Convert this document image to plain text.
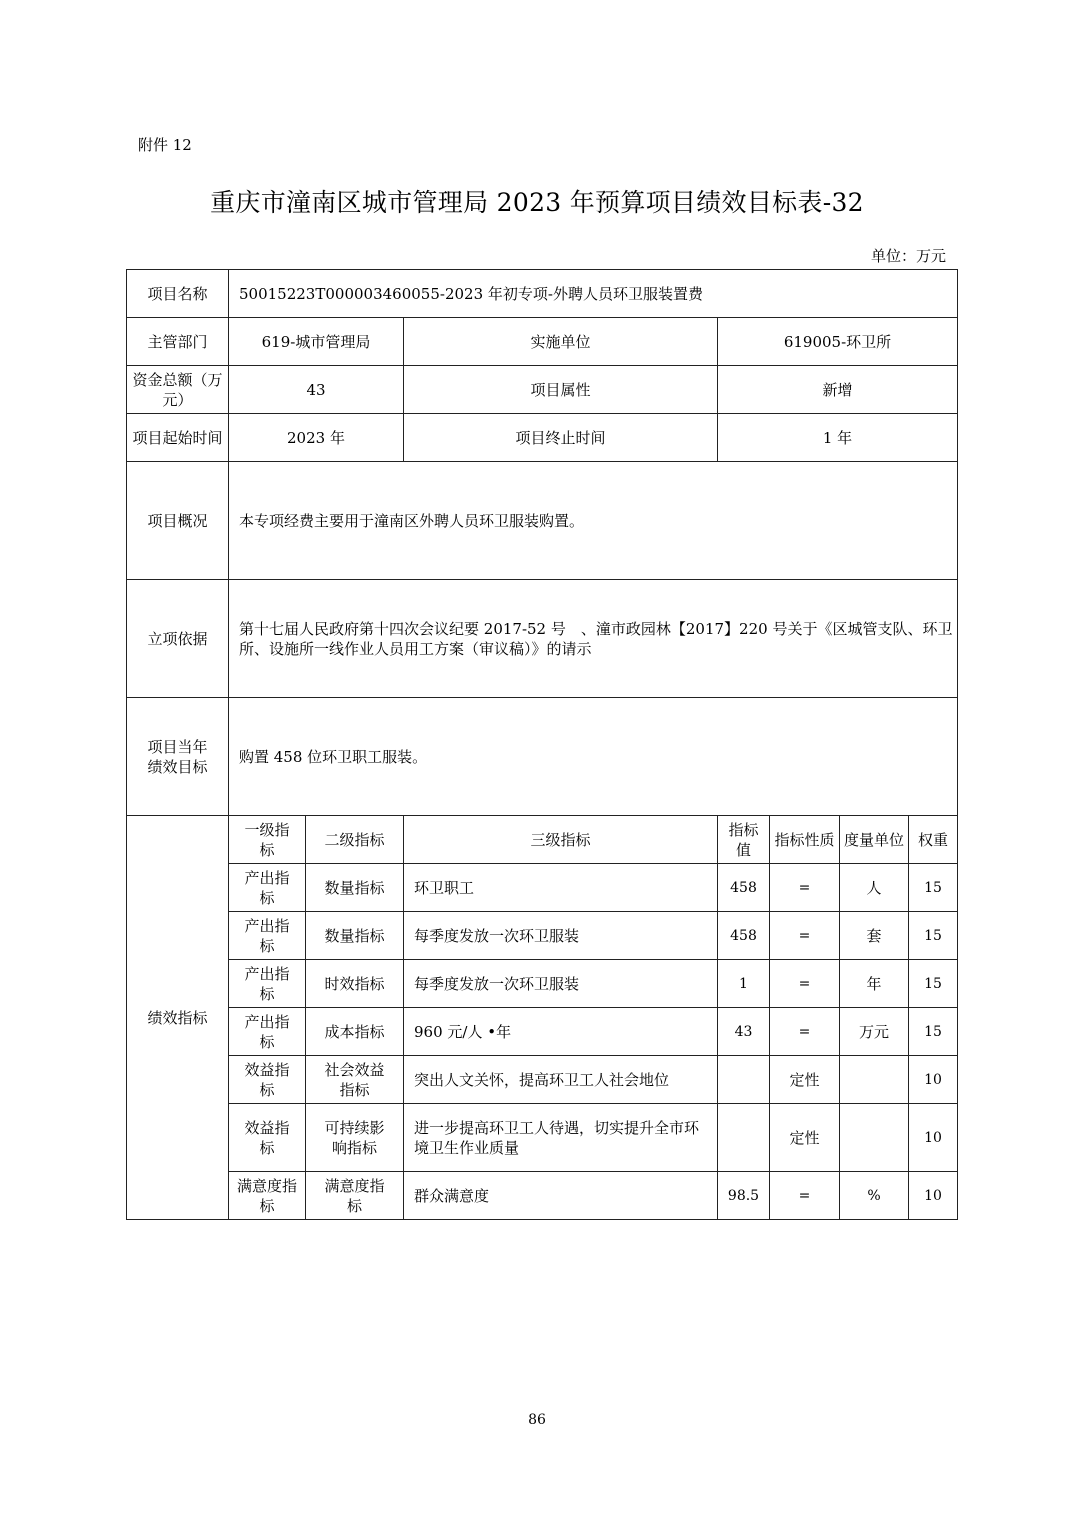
附件 12
重庆市潼南区城市管理局 2023 年预算项目绩效目标表-32
单位：万元
项目名称	50015223T000003460055-2023 年初专项-外聘人员环卫服装置费						
主管部门	619-城市管理局		实施单位	619005-环卫所			
资金总额（万元）	43		项目属性	新增			
项目起始时间	2023 年		项目终止时间	1 年			
项目概况	本专项经费主要用于潼南区外聘人员环卫服装购置。						
立项依据	第十七届人民政府第十四次会议纪要 2017-52 号　、潼市政园林【2017】220 号关于《区城管支队、环卫所、设施所一线作业人员用工方案（审议稿）》的请示						
项目当年绩效目标	购置 458 位环卫职工服装。						
绩效指标	一级指标	二级指标	三级指标	指标值	指标性质	度量单位	权重
	产出指标	数量指标	环卫职工	458	=	人	15
	产出指标	数量指标	每季度发放一次环卫服装	458	=	套	15
	产出指标	时效指标	每季度发放一次环卫服装	1	=	年	15
	产出指标	成本指标	960 元/人 •年	43	=	万元	15
	效益指标	社会效益指标	突出人文关怀，提高环卫工人社会地位		定性		10
	效益指标	可持续影响指标	进一步提高环卫工人待遇，切实提升全市环境卫生作业质量		定性		10
	满意度指标	满意度指标	群众满意度	98.5	=	%	10
86
